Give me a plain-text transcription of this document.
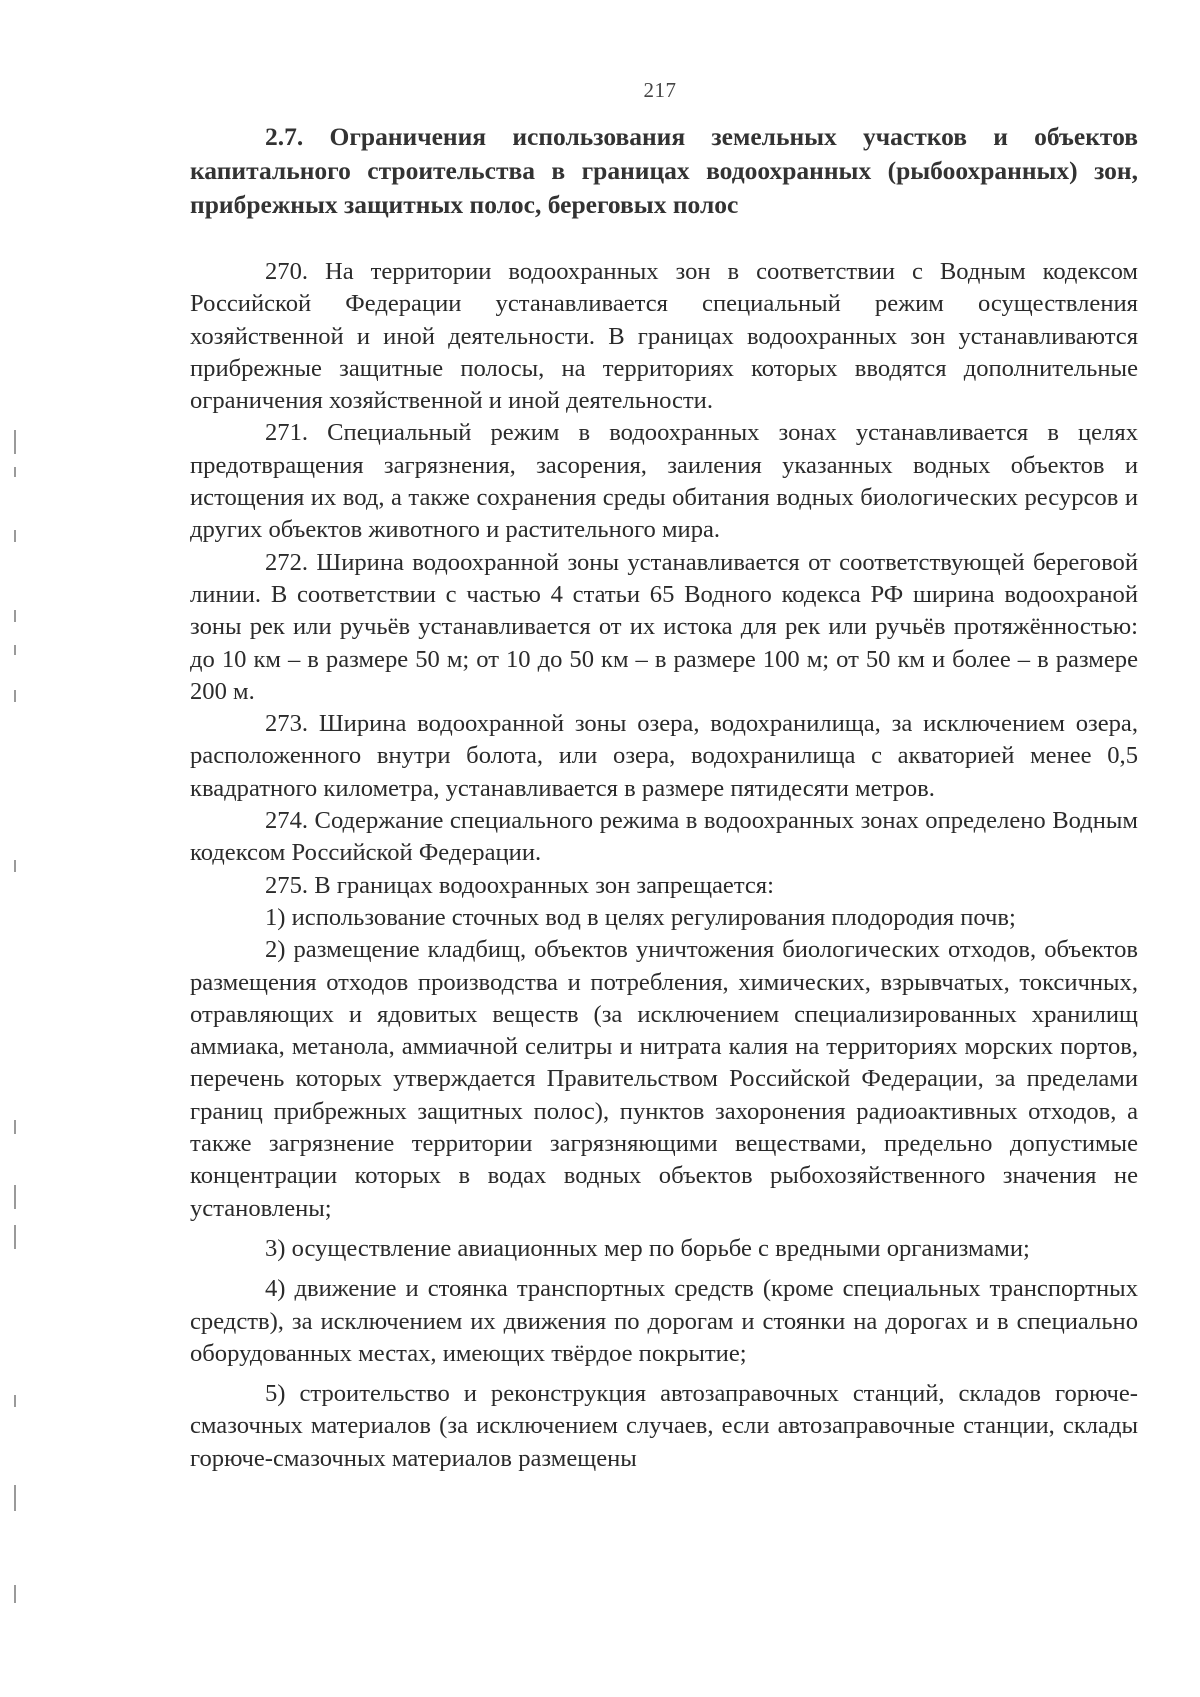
217

2.7. Ограничения использования земельных участков и объектов капитального строительства в границах водоохранных (рыбоохранных) зон, прибрежных защитных полос, береговых полос

270. На территории водоохранных зон в соответствии с Водным кодексом Российской Федерации устанавливается специальный режим осуществления хозяйственной и иной деятельности. В границах водоохранных зон устанавливаются прибрежные защитные полосы, на территориях которых вводятся дополнительные ограничения хозяйственной и иной деятельности.

271. Специальный режим в водоохранных зонах устанавливается в целях предотвращения загрязнения, засорения, заиления указанных водных объектов и истощения их вод, а также сохранения среды обитания водных биологических ресурсов и других объектов животного и растительного мира.

272. Ширина водоохранной зоны устанавливается от соответствующей береговой линии. В соответствии с частью 4 статьи 65 Водного кодекса РФ ширина водоохраной зоны рек или ручьёв устанавливается от их истока для рек или ручьёв протяжённостью: до 10 км – в размере 50 м; от 10 до 50 км – в размере 100 м; от 50 км и более – в размере 200 м.

273. Ширина водоохранной зоны озера, водохранилища, за исключением озера, расположенного внутри болота, или озера, водохранилища с акваторией менее 0,5 квадратного километра, устанавливается в размере пятидесяти метров.

274. Содержание специального режима в водоохранных зонах определено Водным кодексом Российской Федерации.

275. В границах водоохранных зон запрещается:

1) использование сточных вод в целях регулирования плодородия почв;

2) размещение кладбищ, объектов уничтожения биологических отходов, объектов размещения отходов производства и потребления, химических, взрывчатых, токсичных, отравляющих и ядовитых веществ (за исключением специализированных хранилищ аммиака, метанола, аммиачной селитры и нитрата калия на территориях морских портов, перечень которых утверждается Правительством Российской Федерации, за пределами границ прибрежных защитных полос), пунктов захоронения радиоактивных отходов, а также загрязнение территории загрязняющими веществами, предельно допустимые концентрации которых в водах водных объектов рыбохозяйственного значения не установлены;

3) осуществление авиационных мер по борьбе с вредными организмами;

4) движение и стоянка транспортных средств (кроме специальных транспортных средств), за исключением их движения по дорогам и стоянки на дорогах и в специально оборудованных местах, имеющих твёрдое покрытие;

5) строительство и реконструкция автозаправочных станций, складов горюче-смазочных материалов (за исключением случаев, если автозаправочные станции, склады горюче-смазочных материалов размещены
